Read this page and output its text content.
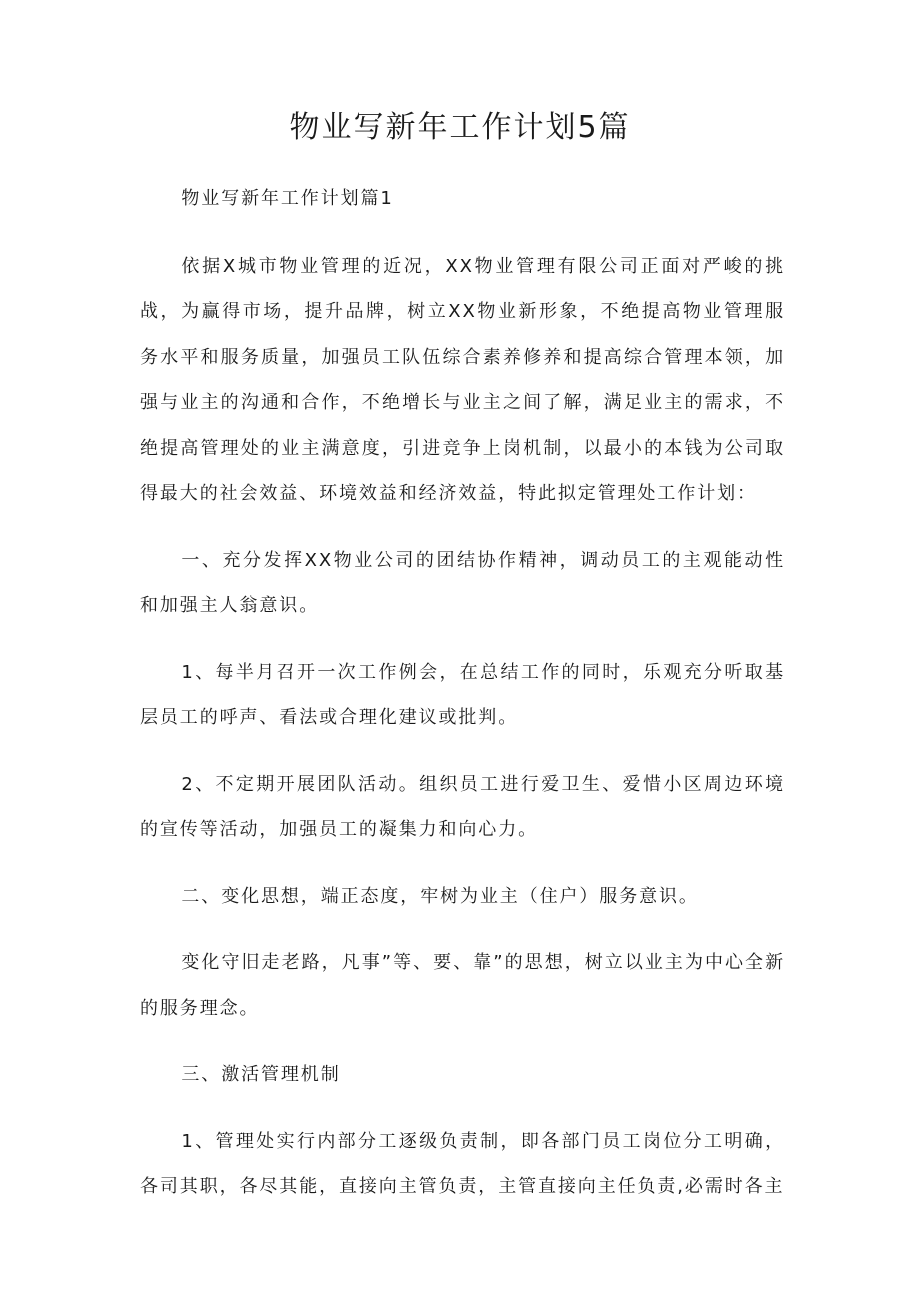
物业写新年工作计划5篇

物业写新年工作计划篇1

依据X城市物业管理的近况，XX物业管理有限公司正面对严峻的挑战，为赢得市场，提升品牌，树立XX物业新形象，不绝提高物业管理服务水平和服务质量，加强员工队伍综合素养修养和提高综合管理本领，加强与业主的沟通和合作，不绝增长与业主之间了解，满足业主的需求，不绝提高管理处的业主满意度，引进竞争上岗机制，以最小的本钱为公司取得最大的社会效益、环境效益和经济效益，特此拟定管理处工作计划：

一、充分发挥XX物业公司的团结协作精神，调动员工的主观能动性和加强主人翁意识。

1、每半月召开一次工作例会，在总结工作的同时，乐观充分听取基层员工的呼声、看法或合理化建议或批判。

2、不定期开展团队活动。组织员工进行爱卫生、爱惜小区周边环境的宣传等活动，加强员工的凝集力和向心力。

二、变化思想，端正态度，牢树为业主（住户）服务意识。

变化守旧走老路，凡事”等、要、靠”的思想，树立以业主为中心全新的服务理念。

三、激活管理机制

1、管理处实行内部分工逐级负责制，即各部门员工岗位分工明确，各司其职，各尽其能，直接向主管负责，主管直接向主任负责,必需时各主
